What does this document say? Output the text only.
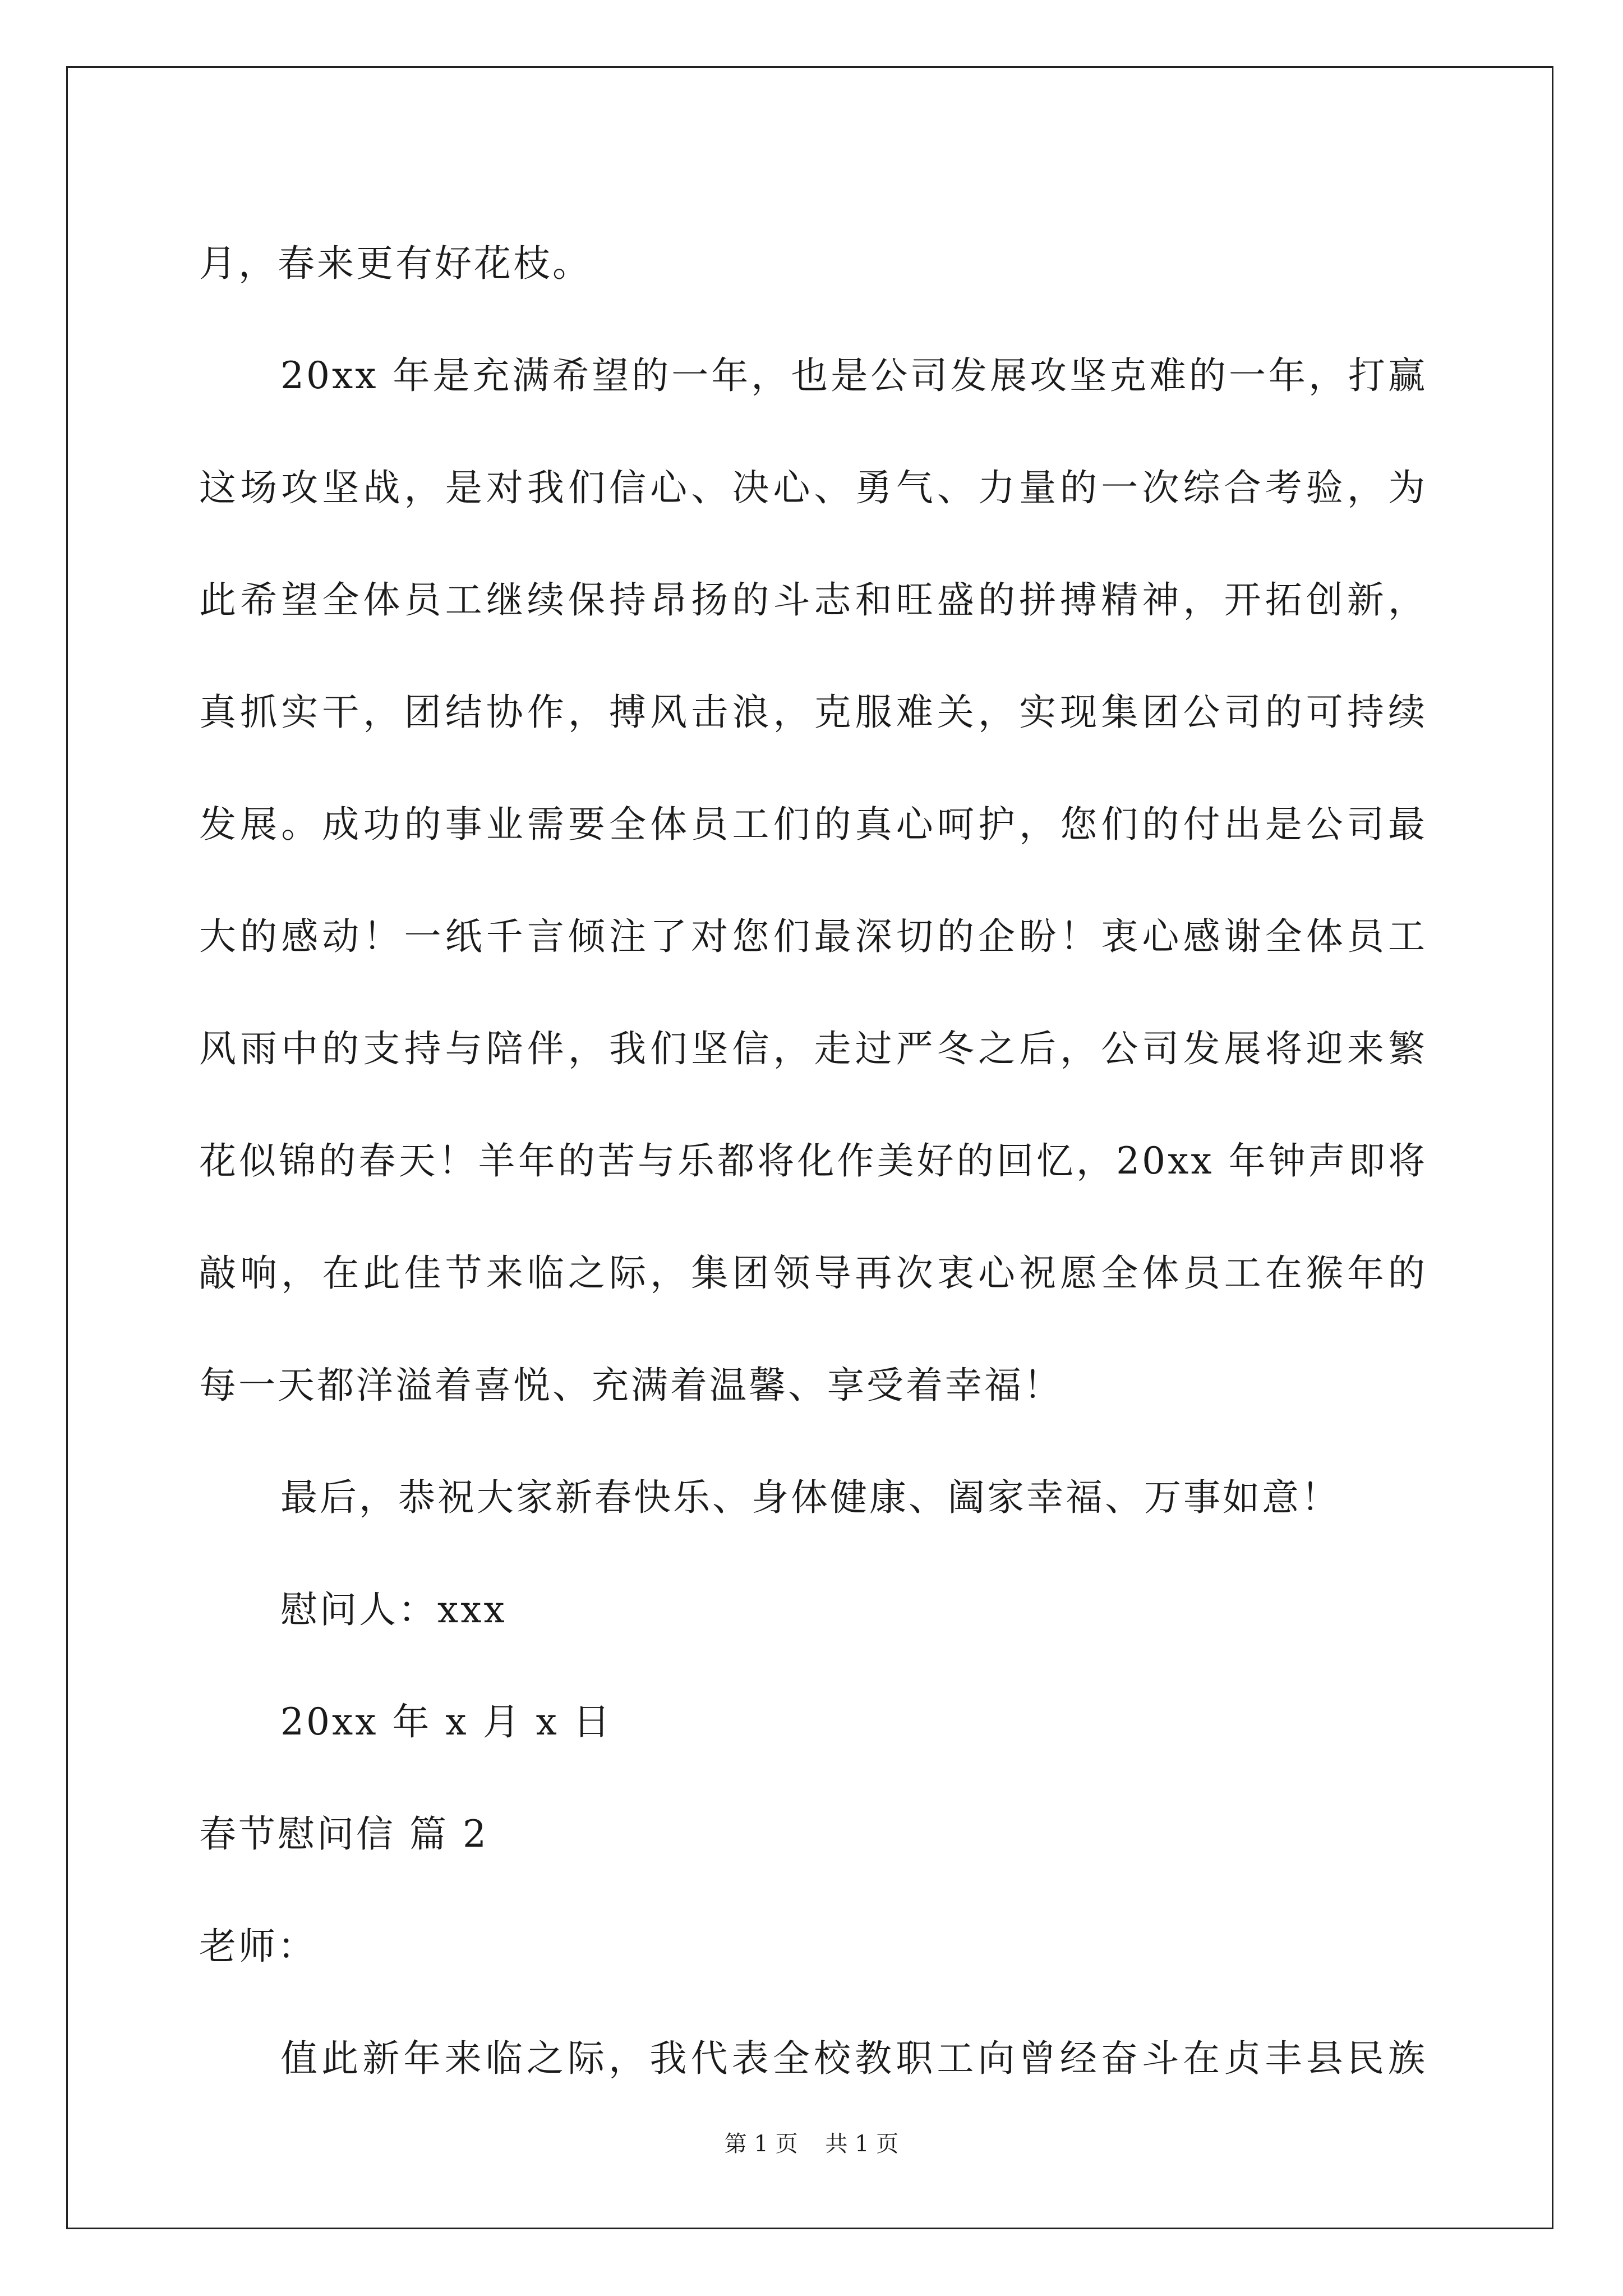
月，春来更有好花枝。
20xx 年是充满希望的一年，也是公司发展攻坚克难的一年，打赢
这场攻坚战，是对我们信心、决心、勇气、力量的一次综合考验，为
此希望全体员工继续保持昂扬的斗志和旺盛的拼搏精神，开拓创新，
真抓实干，团结协作，搏风击浪，克服难关，实现集团公司的可持续
发展。成功的事业需要全体员工们的真心呵护，您们的付出是公司最
大的感动！一纸千言倾注了对您们最深切的企盼！衷心感谢全体员工
风雨中的支持与陪伴，我们坚信，走过严冬之后，公司发展将迎来繁
花似锦的春天！羊年的苦与乐都将化作美好的回忆，20xx 年钟声即将
敲响，在此佳节来临之际，集团领导再次衷心祝愿全体员工在猴年的
每一天都洋溢着喜悦、充满着温馨、享受着幸福！
最后，恭祝大家新春快乐、身体健康、阖家幸福、万事如意！
慰问人：xxx
20xx 年 x 月 x 日
春节慰问信 篇 2
老师：
值此新年来临之际，我代表全校教职工向曾经奋斗在贞丰县民族
第 1 页 共 1 页
